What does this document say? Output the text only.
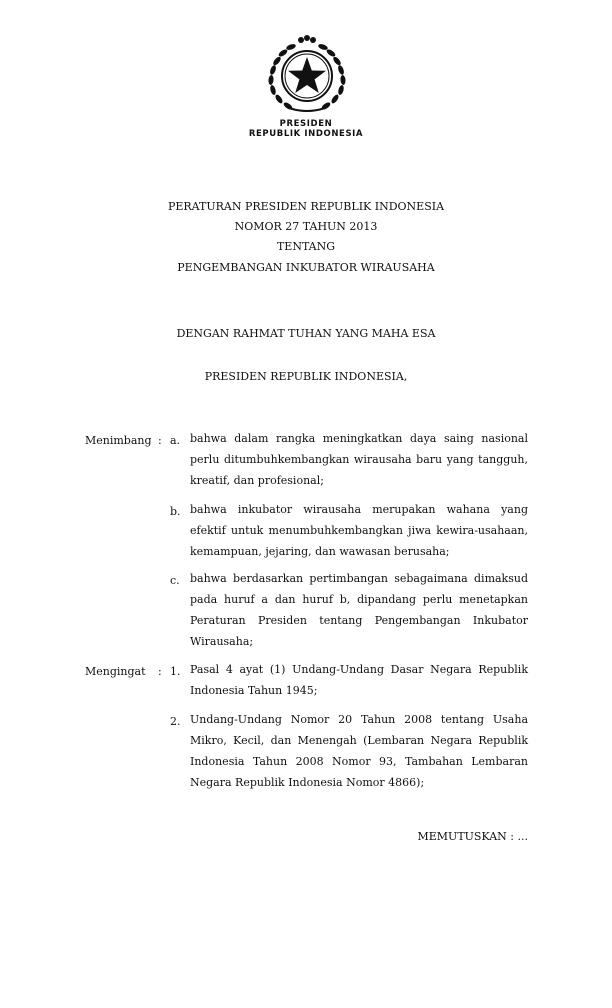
PRESIDEN
REPUBLIK INDONESIA
PERATURAN PRESIDEN REPUBLIK INDONESIA
NOMOR 27 TAHUN 2013
TENTANG
PENGEMBANGAN INKUBATOR WIRAUSAHA
DENGAN RAHMAT TUHAN YANG MAHA ESA
PRESIDEN REPUBLIK INDONESIA,
Menimbang : a. bahwa dalam rangka meningkatkan daya saing nasional perlu ditumbuhkembangkan wirausaha baru yang tangguh, kreatif, dan profesional;
b. bahwa inkubator wirausaha merupakan wahana yang efektif untuk menumbuhkembangkan jiwa kewira-usahaan, kemampuan, jejaring, dan wawasan berusaha;
c. bahwa berdasarkan pertimbangan sebagaimana dimaksud pada huruf a dan huruf b, dipandang perlu menetapkan Peraturan Presiden tentang Pengembangan Inkubator Wirausaha;
Mengingat : 1. Pasal 4 ayat (1) Undang-Undang Dasar Negara Republik Indonesia Tahun 1945;
2. Undang-Undang Nomor 20 Tahun 2008 tentang Usaha Mikro, Kecil, dan Menengah (Lembaran Negara Republik Indonesia Tahun 2008 Nomor 93, Tambahan Lembaran Negara Republik Indonesia Nomor 4866);
MEMUTUSKAN : ...
